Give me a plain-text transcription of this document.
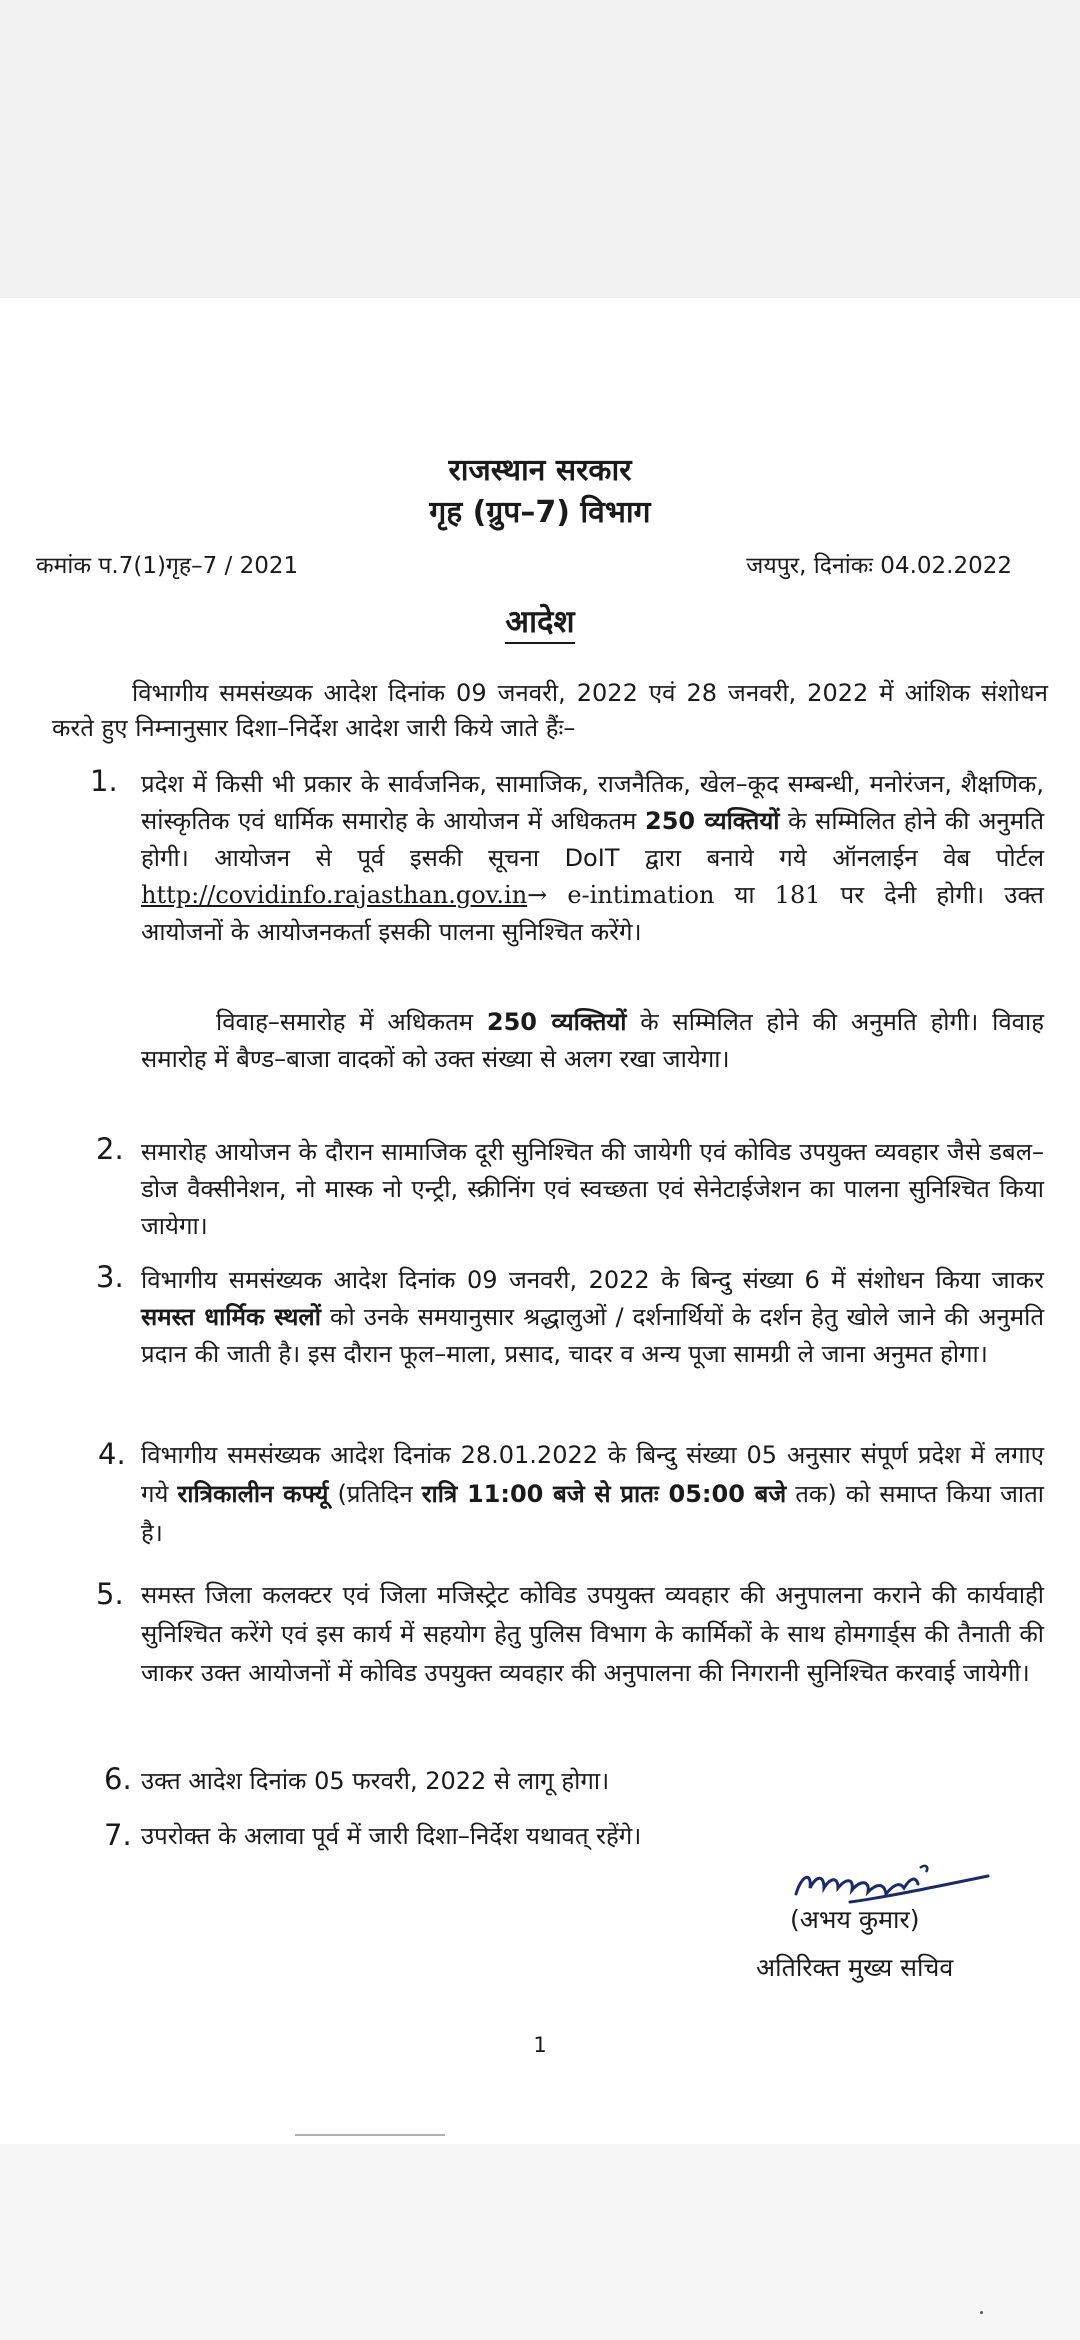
राजस्थान सरकार
गृह (ग्रुप–7) विभाग
कमांक प.7(1)गृह–7 / 2021	जयपुर, दिनांकः 04.02.2022
आदेश
विभागीय समसंख्यक आदेश दिनांक 09 जनवरी, 2022 एवं 28 जनवरी, 2022 में आंशिक संशोधन करते हुए निम्नानुसार दिशा–निर्देश आदेश जारी किये जाते हैंः–
1. प्रदेश में किसी भी प्रकार के सार्वजनिक, सामाजिक, राजनैतिक, खेल–कूद सम्बन्धी, मनोरंजन, शैक्षणिक, सांस्कृतिक एवं धार्मिक समारोह के आयोजन में अधिकतम 250 व्यक्तियों के सम्मिलित होने की अनुमति होगी। आयोजन से पूर्व इसकी सूचना DoIT द्वारा बनाये गये ऑनलाईन वेब पोर्टल http://covidinfo.rajasthan.gov.in→ e-intimation या 181 पर देनी होगी। उक्त आयोजनों के आयोजनकर्ता इसकी पालना सुनिश्चित करेंगे।
विवाह–समारोह में अधिकतम 250 व्यक्तियों के सम्मिलित होने की अनुमति होगी। विवाह समारोह में बैण्ड–बाजा वादकों को उक्त संख्या से अलग रखा जायेगा।
2. समारोह आयोजन के दौरान सामाजिक दूरी सुनिश्चित की जायेगी एवं कोविड उपयुक्त व्यवहार जैसे डबल–डोज वैक्सीनेशन, नो मास्क नो एन्ट्री, स्क्रीनिंग एवं स्वच्छता एवं सेनेटाईजेशन का पालना सुनिश्चित किया जायेगा।
3. विभागीय समसंख्यक आदेश दिनांक 09 जनवरी, 2022 के बिन्दु संख्या 6 में संशोधन किया जाकर समस्त धार्मिक स्थलों को उनके समयानुसार श्रद्धालुओं / दर्शनार्थियों के दर्शन हेतु खोले जाने की अनुमति प्रदान की जाती है। इस दौरान फूल–माला, प्रसाद, चादर व अन्य पूजा सामग्री ले जाना अनुमत होगा।
4. विभागीय समसंख्यक आदेश दिनांक 28.01.2022 के बिन्दु संख्या 05 अनुसार संपूर्ण प्रदेश में लगाए गये रात्रिकालीन कर्फ्यू (प्रतिदिन रात्रि 11:00 बजे से प्रातः 05:00 बजे तक) को समाप्त किया जाता है।
5. समस्त जिला कलक्टर एवं जिला मजिस्ट्रेट कोविड उपयुक्त व्यवहार की अनुपालना कराने की कार्यवाही सुनिश्चित करेंगे एवं इस कार्य में सहयोग हेतु पुलिस विभाग के कार्मिकों के साथ होमगार्ड्स की तैनाती की जाकर उक्त आयोजनों में कोविड उपयुक्त व्यवहार की अनुपालना की निगरानी सुनिश्चित करवाई जायेगी।
6. उक्त आदेश दिनांक 05 फरवरी, 2022 से लागू होगा।
7. उपरोक्त के अलावा पूर्व में जारी दिशा–निर्देश यथावत् रहेंगे।
(अभय कुमार)
अतिरिक्त मुख्य सचिव
1
